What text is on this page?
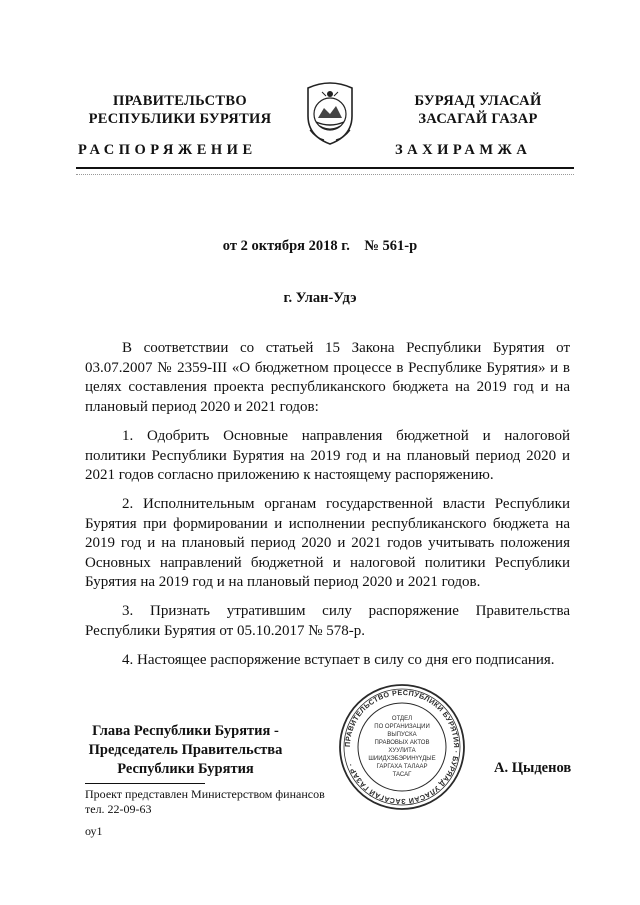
ПРАВИТЕЛЬСТВО
РЕСПУБЛИКИ БУРЯТИЯ
БУРЯАД УЛАСАЙ
ЗАСАГАЙ ГАЗАР
РАСПОРЯЖЕНИЕ	ЗАХИРАМЖА
от 2 октября 2018 г.    № 561-р
г. Улан-Удэ

В соответствии со статьей 15 Закона Республики Бурятия от 03.07.2007 № 2359-III «О бюджетном процессе в Республике Бурятия» и в целях составления проекта республиканского бюджета на 2019 год и на плановый период 2020 и 2021 годов:

1. Одобрить Основные направления бюджетной и налоговой политики Республики Бурятия на 2019 год и на плановый период 2020 и 2021 годов согласно приложению к настоящему распоряжению.

2. Исполнительным органам государственной власти Республики Бурятия при формировании и исполнении республиканского бюджета на 2019 год и на плановый период 2020 и 2021 годов учитывать положения Основных направлений бюджетной и налоговой политики Республики Бурятия на 2019 год и на плановый период 2020 и 2021 годов.

3. Признать утратившим силу распоряжение Правительства Республики Бурятия от 05.10.2017 № 578-р.

4. Настоящее распоряжение вступает в силу со дня его подписания.

Глава Республики Бурятия -
Председатель Правительства
Республики Бурятия
ПРАВИТЕЛЬСТВО РЕСПУБЛИКИ БУРЯТИЯ · БУРЯАД УЛАСАЙ ЗАСАГАЙ ГАЗАР ·
ОТДЕЛ
ПО ОРГАНИЗАЦИИ
ВЫПУСКА
ПРАВОВЫХ АКТОВ
ХУУЛИТА
ШИИДХЭБЭРИНҮҮДЫЕ
ГАРГАХА ТАЛААР
ТАСАГ	А. Цыденов
Проект представлен Министерством финансов
тел. 22-09-63
оу1
